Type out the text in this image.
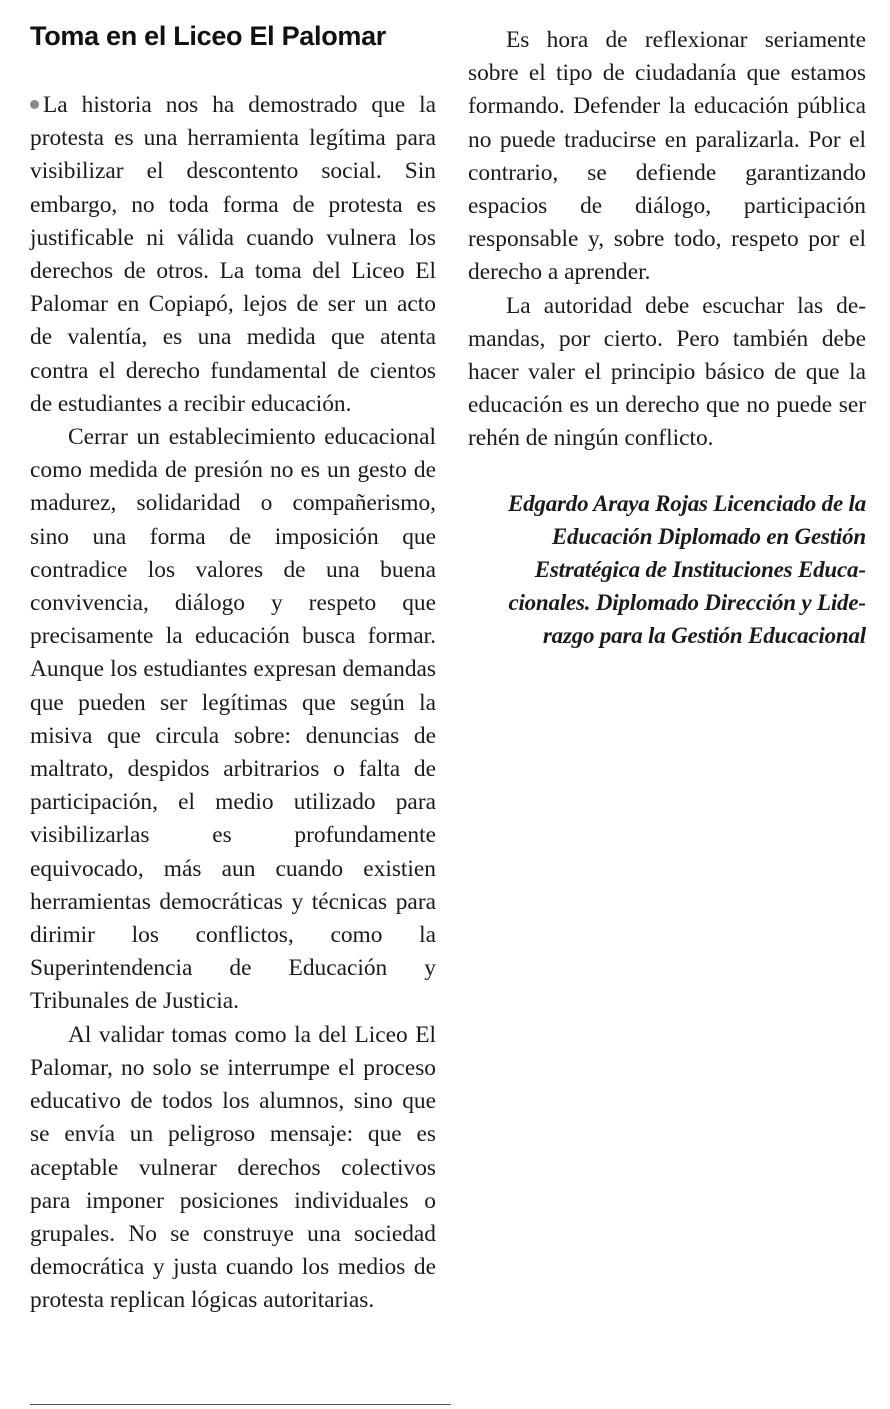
Toma en el Liceo El Palomar

La historia nos ha demostrado que la protesta es una herramienta legítima para visibilizar el descontento social. Sin embargo, no toda forma de protesta es justificable ni válida cuando vulnera los derechos de otros. La toma del Liceo El Palomar en Copiapó, lejos de ser un acto de valentía, es una medida que atenta contra el derecho fundamental de cientos de estudiantes a recibir educación.

Cerrar un establecimiento educacional como medida de presión no es un gesto de madurez, solidaridad o compañerismo, sino una forma de imposición que contradice los valores de una buena convivencia, diálogo y respeto que precisamente la educación busca formar. Aunque los estudiantes expresan demandas que pueden ser legítimas que según la misiva que circula sobre: denuncias de maltrato, despidos arbitrarios o falta de participación, el medio utilizado para visibilizarlas es profundamente equivocado, más aun cuando existien herramientas democráticas y técnicas para dirimir los conflictos, como la Superintendencia de Educación y Tribunales de Justicia.

Al validar tomas como la del Liceo El Palomar, no solo se interrumpe el proceso educativo de todos los alumnos, sino que se envía un peligroso mensaje: que es aceptable vulnerar derechos colectivos para imponer posiciones individuales o grupales. No se construye una sociedad democrática y justa cuando los medios de protesta replican lógicas autoritarias.

Es hora de reflexionar seriamente sobre el tipo de ciudadanía que estamos formando. Defender la educación pública no puede traducirse en paralizarla. Por el contrario, se defiende garantizando espacios de diálogo, participación responsable y, sobre todo, respeto por el derecho a aprender.

La autoridad debe escuchar las demandas, por cierto. Pero también debe hacer valer el principio básico de que la educación es un derecho que no puede ser rehén de ningún conflicto.

Edgardo Araya Rojas Licenciado de la Educación Diplomado en Gestión Estratégica de Instituciones Educacionales. Diplomado Dirección y Liderazgo para la Gestión Educacional
